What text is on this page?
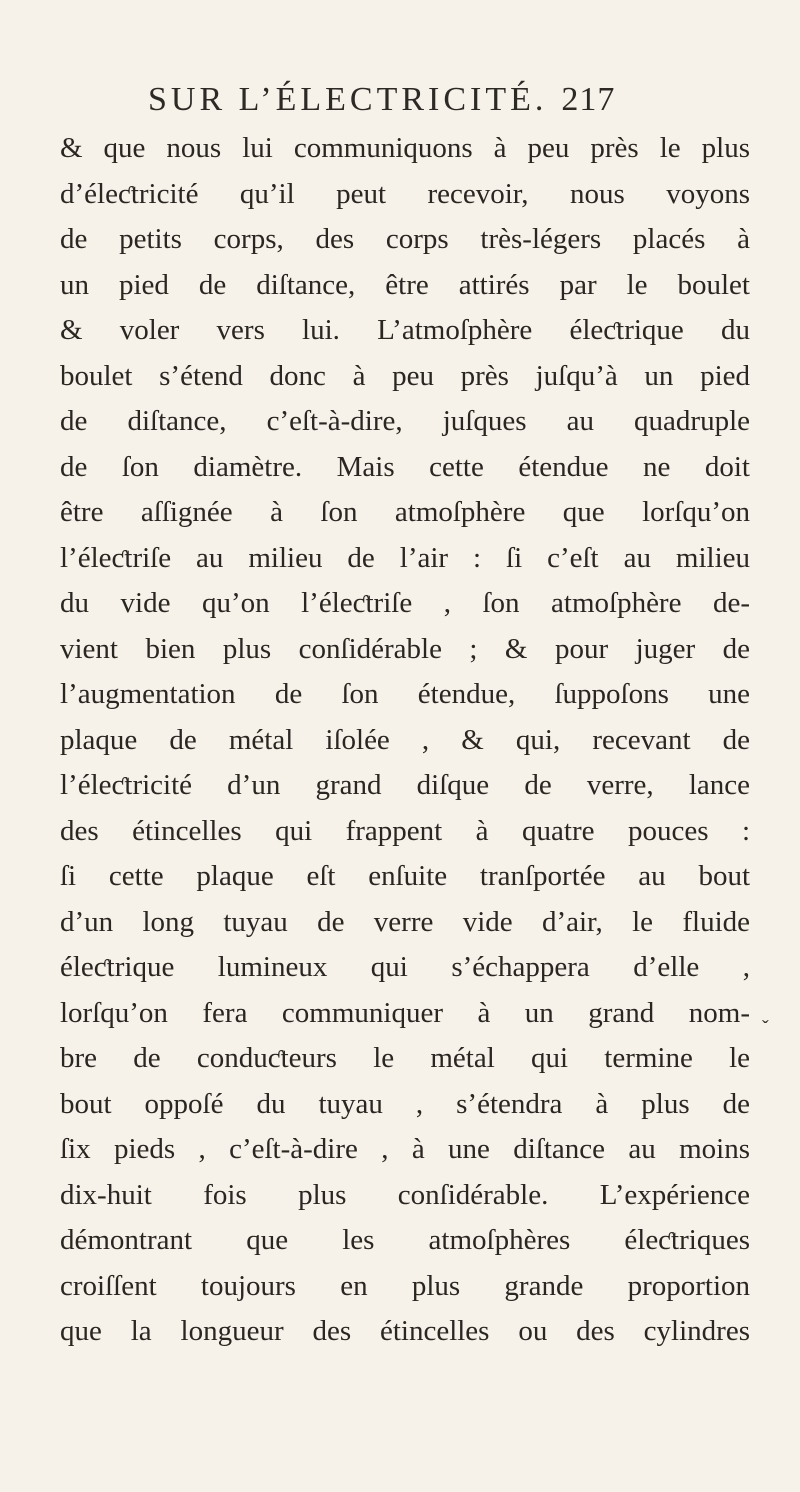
SUR L’ÉLECTRICITÉ. 217
& que nous lui communiquons à peu près le plus
d’éleƈtricité qu’il peut recevoir, nous voyons
de petits corps, des corps très-légers placés à
un pied de diſtance, être attirés par le boulet
& voler vers lui. L’atmoſphère éleƈtrique du
boulet s’étend donc à peu près juſqu’à un pied
de diſtance, c’eſt-à-dire, juſques au quadruple
de ſon diamètre. Mais cette étendue ne doit
être aſſignée à ſon atmoſphère que lorſqu’on
l’éleƈtriſe au milieu de l’air : ſi c’eſt au milieu
du vide qu’on l’éleƈtriſe , ſon atmoſphère de-
vient bien plus conſidérable ; & pour juger de
l’augmentation de ſon étendue, ſuppoſons une
plaque de métal iſolée , & qui, recevant de
l’éleƈtricité d’un grand diſque de verre, lance
des étincelles qui frappent à quatre pouces :
ſi cette plaque eſt enſuite tranſportée au bout
d’un long tuyau de verre vide d’air, le fluide
éleƈtrique lumineux qui s’échappera d’elle ,
lorſqu’on fera communiquer à un grand nom-
bre de conduƈteurs le métal qui termine le
bout oppoſé du tuyau , s’étendra à plus de
ſix pieds , c’eſt-à-dire , à une diſtance au moins
dix-huit fois plus conſidérable. L’expérience
démontrant que les atmoſphères éleƈtriques
croiſſent toujours en plus grande proportion
que la longueur des étincelles ou des cylindres
ˇ
